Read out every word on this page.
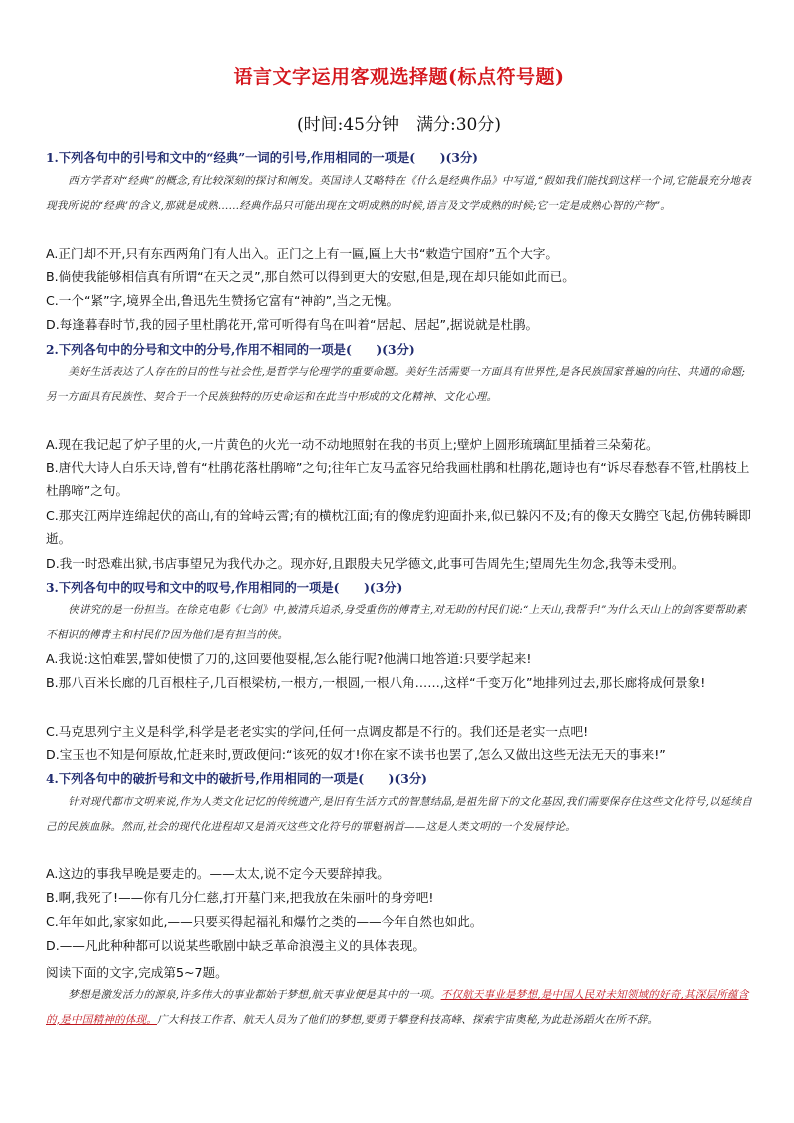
语言文字运用客观选择题(标点符号题)
(时间:45分钟　满分:30分)
1.下列各句中的引号和文中的“经典”一词的引号,作用相同的一项是(　　)(3分)
西方学者对“经典”的概念,有比较深刻的探讨和阐发。英国诗人艾略特在《什么是经典作品》中写道,“假如我们能找到这样一个词,它能最充分地表现我所说的‘经典’的含义,那就是成熟……经典作品只可能出现在文明成熟的时候,语言及文学成熟的时候;它一定是成熟心智的产物”。
A.正门却不开,只有东西两角门有人出入。正门之上有一匾,匾上大书“敕造宁国府”五个大字。
B.倘使我能够相信真有所谓“在天之灵”,那自然可以得到更大的安慰,但是,现在却只能如此而已。
C.一个“紧”字,境界全出,鲁迅先生赞扬它富有“神韵”,当之无愧。
D.每逢暮春时节,我的园子里杜鹃花开,常可听得有鸟在叫着“居起、居起”,据说就是杜鹃。
2.下列各句中的分号和文中的分号,作用不相同的一项是(　　)(3分)
美好生活表达了人存在的目的性与社会性,是哲学与伦理学的重要命题。美好生活需要一方面具有世界性,是各民族国家普遍的向往、共通的命题;另一方面具有民族性、契合于一个民族独特的历史命运和在此当中形成的文化精神、文化心理。
A.现在我记起了炉子里的火,一片黄色的火光一动不动地照射在我的书页上;壁炉上圆形琉璃缸里插着三朵菊花。
B.唐代大诗人白乐天诗,曾有“杜鹃花落杜鹃啼”之句;往年亡友马孟容兄给我画杜鹃和杜鹃花,题诗也有“诉尽春愁春不管,杜鹃枝上杜鹃啼”之句。
C.那夹江两岸连绵起伏的高山,有的耸峙云霄;有的横枕江面;有的像虎豹迎面扑来,似已躲闪不及;有的像天女腾空飞起,仿佛转瞬即逝。
D.我一时恐难出狱,书店事望兄为我代办之。现亦好,且跟殷夫兄学德文,此事可告周先生;望周先生勿念,我等未受刑。
3.下列各句中的叹号和文中的叹号,作用相同的一项是(　　)(3分)
侠讲究的是一份担当。在徐克电影《七剑》中,被清兵追杀,身受重伤的傅青主,对无助的村民们说:“上天山,我帮手!”为什么天山上的剑客要帮助素不相识的傅青主和村民们?因为他们是有担当的侠。
A.我说:这怕难罢,譬如使惯了刀的,这回要他耍棍,怎么能行呢?他满口地答道:只要学起来!
B.那八百米长廊的几百根柱子,几百根梁枋,一根方,一根圆,一根八角……,这样“千变万化”地排列过去,那长廊将成何景象!
C.马克思列宁主义是科学,科学是老老实实的学问,任何一点调皮都是不行的。我们还是老实一点吧!
D.宝玉也不知是何原故,忙赶来时,贾政便问:“该死的奴才!你在家不读书也罢了,怎么又做出这些无法无天的事来!”
4.下列各句中的破折号和文中的破折号,作用相同的一项是(　　)(3分)
针对现代都市文明来说,作为人类文化记忆的传统遗产,是旧有生活方式的智慧结晶,是祖先留下的文化基因,我们需要保存住这些文化符号,以延续自己的民族血脉。然而,社会的现代化进程却又是消灭这些文化符号的罪魁祸首——这是人类文明的一个发展悖论。
A.这边的事我早晚是要走的。——太太,说不定今天要辞掉我。
B.啊,我死了!——你有几分仁慈,打开墓门来,把我放在朱丽叶的身旁吧!
C.年年如此,家家如此,——只要买得起福礼和爆竹之类的——今年自然也如此。
D.——凡此种种都可以说某些歌剧中缺乏革命浪漫主义的具体表现。
阅读下面的文字,完成第5~7题。
梦想是激发活力的源泉,许多伟大的事业都始于梦想,航天事业便是其中的一项。不仅航天事业是梦想,是中国人民对未知领域的好奇,其深层所蕴含的,是中国精神的体现。广大科技工作者、航天人员为了他们的梦想,要勇于攀登科技高峰、探索宇宙奥秘,为此赴汤蹈火在所不辞。
